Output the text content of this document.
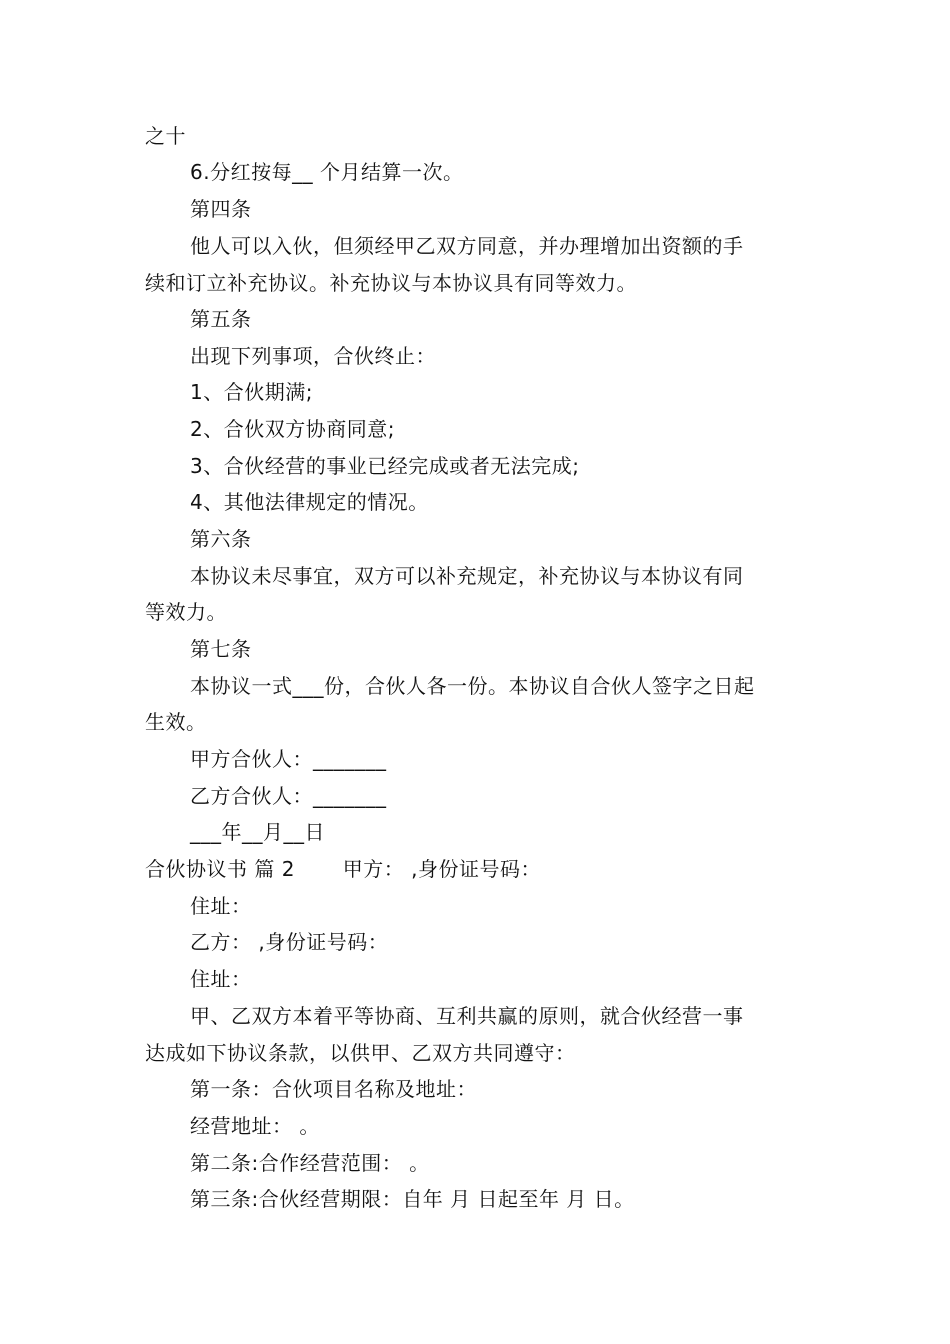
之十
6.分红按每__ 个月结算一次。
第四条
他人可以入伙，但须经甲乙双方同意，并办理增加出资额的手
续和订立补充协议。补充协议与本协议具有同等效力。
第五条
出现下列事项，合伙终止：
1、合伙期满;
2、合伙双方协商同意;
3、合伙经营的事业已经完成或者无法完成;
4、其他法律规定的情况。
第六条
本协议未尽事宜，双方可以补充规定，补充协议与本协议有同
等效力。
第七条
本协议一式___份，合伙人各一份。本协议自合伙人签字之日起
生效。
甲方合伙人：_______
乙方合伙人：_______
___年__月__日
合伙协议书 篇 2　　 甲方： ,身份证号码：
住址：
乙方： ,身份证号码：
住址：
甲、乙双方本着平等协商、互利共赢的原则，就合伙经营一事
达成如下协议条款，以供甲、乙双方共同遵守：
第一条：合伙项目名称及地址：
经营地址： 。
第二条:合作经营范围： 。
第三条:合伙经营期限：自年 月 日起至年 月 日。
